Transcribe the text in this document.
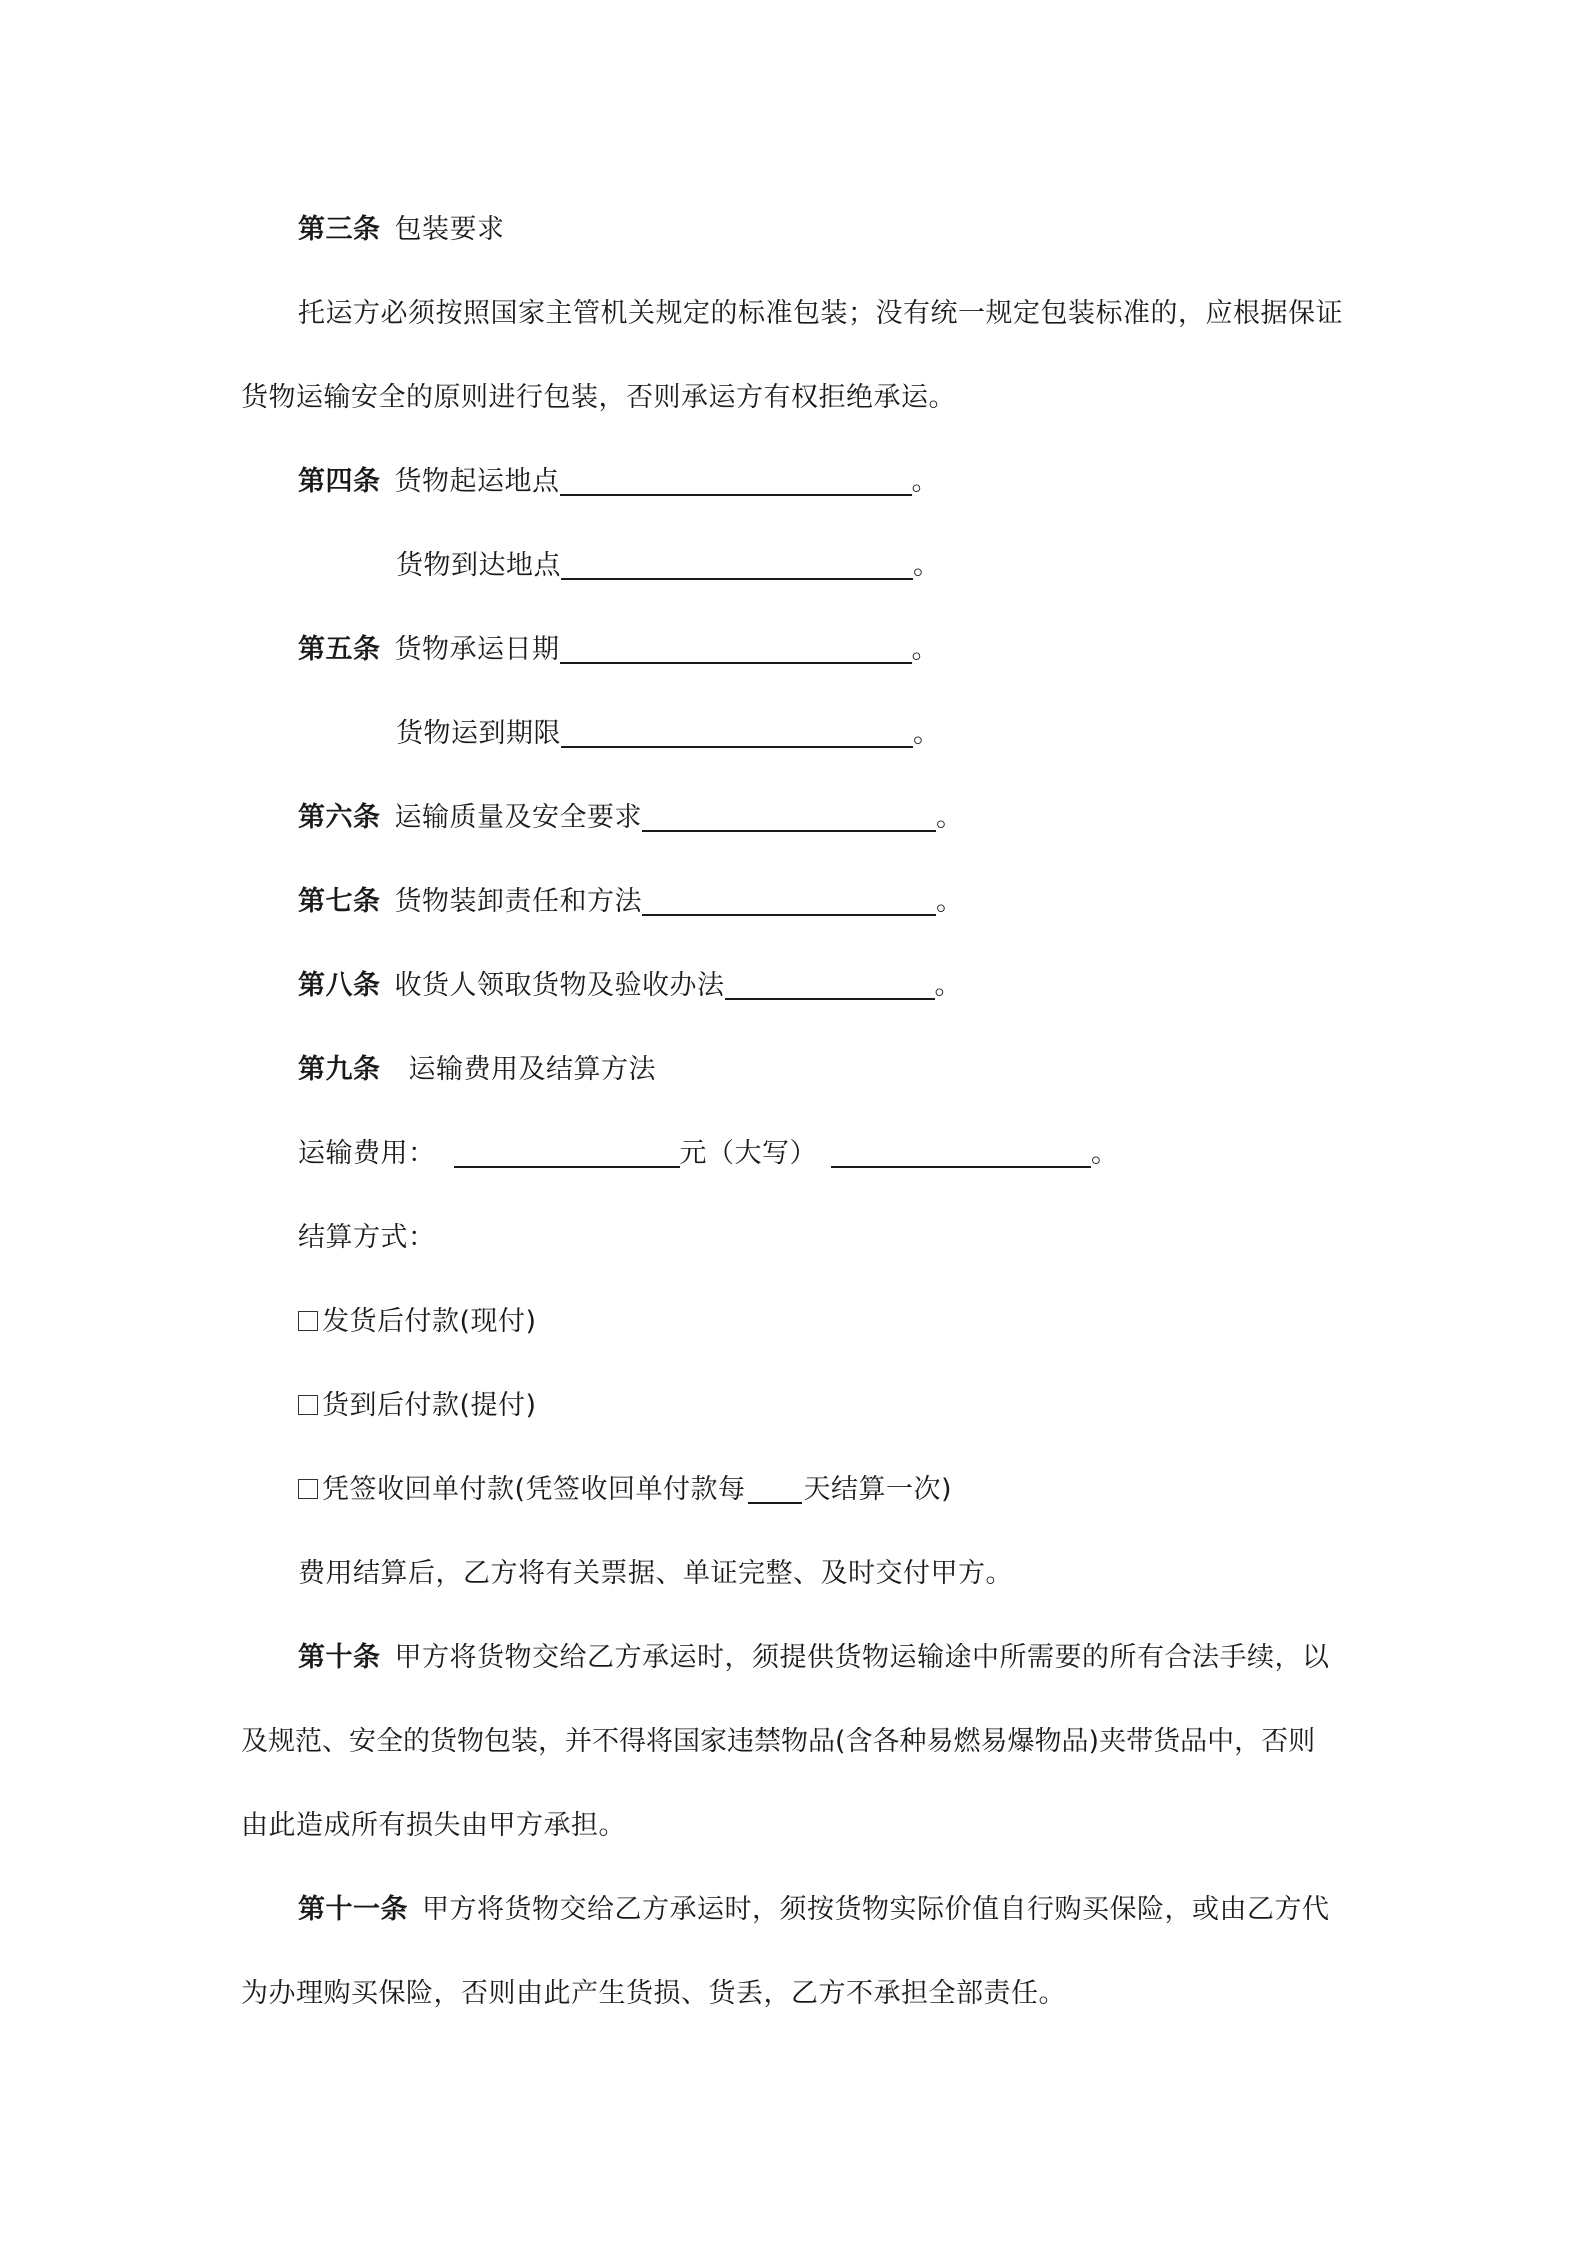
第三条 包装要求
托运方必须按照国家主管机关规定的标准包装；没有统一规定包装标准的，应根据保证
货物运输安全的原则进行包装，否则承运方有权拒绝承运。
第四条 货物起运地点	。
货物到达地点	。
第五条 货物承运日期	。
货物运到期限	。
第六条 运输质量及安全要求	。
第七条 货物装卸责任和方法	。
第八条 收货人领取货物及验收办法	。
第九条 运输费用及结算方法
运输费用：	元（大写）	。
结算方式：
发货后付款(现付)
货到后付款(提付)
凭签收回单付款(凭签收回单付款每 天结算一次)
费用结算后，乙方将有关票据、单证完整、及时交付甲方。
第十条 甲方将货物交给乙方承运时，须提供货物运输途中所需要的所有合法手续，以
及规范、安全的货物包装，并不得将国家违禁物品(含各种易燃易爆物品)夹带货品中，否则
由此造成所有损失由甲方承担。
第十一条 甲方将货物交给乙方承运时，须按货物实际价值自行购买保险，或由乙方代
为办理购买保险，否则由此产生货损、货丢，乙方不承担全部责任。
